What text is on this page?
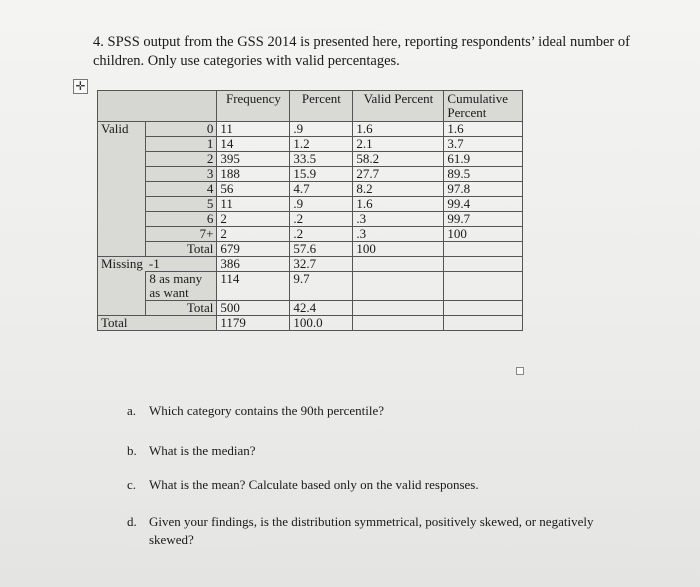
4. SPSS output from the GSS 2014 is presented here, reporting respondents’ ideal number of children. Only use categories with valid percentages.
✛
		Frequency	Percent	Valid Percent	Cumulative Percent
Valid	0	11	.9	1.6	1.6
	1	14	1.2	2.1	3.7
	2	395	33.5	58.2	61.9
	3	188	15.9	27.7	89.5
	4	56	4.7	8.2	97.8
	5	11	.9	1.6	99.4
	6	2	.2	.3	99.7
	7+	2	.2	.3	100
	Total	679	57.6	100	
Missing	-1	386	32.7		
	8 as many as want	114	9.7		
	Total	500	42.4		
Total		1179	100.0		
a. Which category contains the 90th percentile?
b. What is the median?
c. What is the mean? Calculate based only on the valid responses.
d. Given your findings, is the distribution symmetrical, positively skewed, or negatively skewed?
